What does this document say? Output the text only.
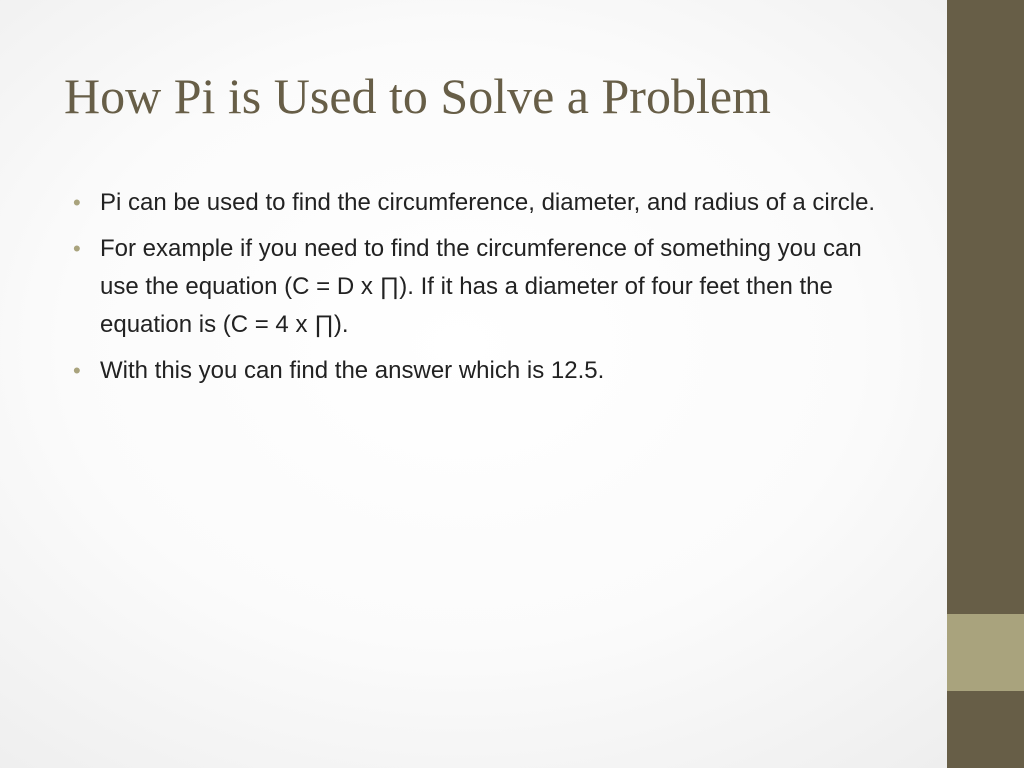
How Pi is Used to Solve a Problem
• Pi can be used to find the circumference, diameter, and radius of a circle.
• For example if you need to find the circumference of something you can use the equation (C = D x ∏). If it has a diameter of four feet then the equation is (C = 4 x ∏).
• With this you can find the answer which is 12.5.
